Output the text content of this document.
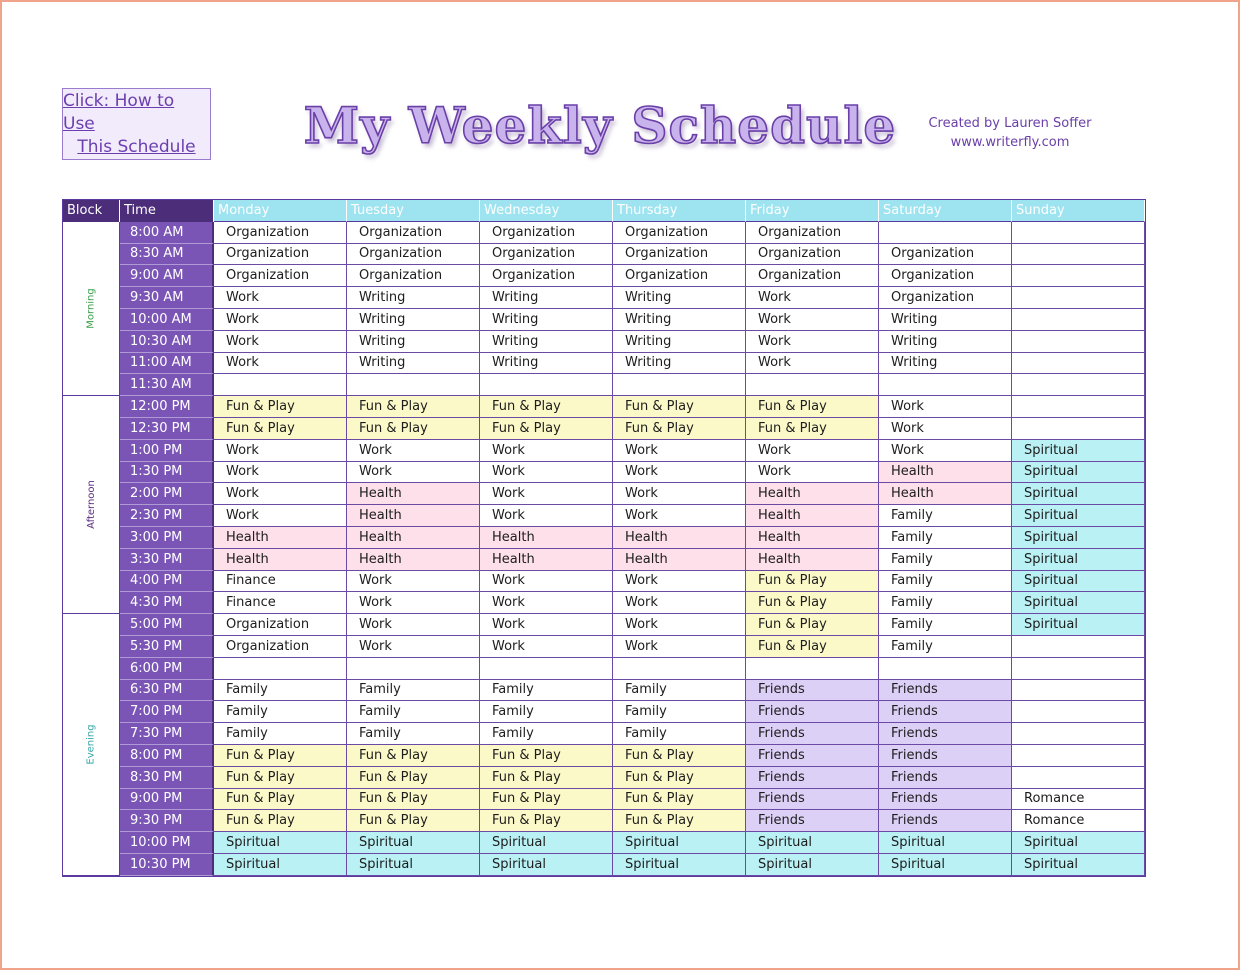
Click: How to Use
This Schedule My Weekly Schedule	Created by Lauren Soffer
www.writerfly.com
Block	Time	Monday	Tuesday	Wednesday	Thursday	Friday	Saturday	Sunday
Morning
Afternoon
Evening
8:00 AM	Organization	Organization	Organization	Organization	Organization
8:30 AM	Organization	Organization	Organization	Organization	Organization	Organization
9:00 AM	Organization	Organization	Organization	Organization	Organization	Organization
9:30 AM	Work	Writing	Writing	Writing	Work	Organization
10:00 AM	Work	Writing	Writing	Writing	Work	Writing
10:30 AM	Work	Writing	Writing	Writing	Work	Writing
11:00 AM	Work	Writing	Writing	Writing	Work	Writing
11:30 AM
12:00 PM	Fun & Play	Fun & Play	Fun & Play	Fun & Play	Fun & Play	Work
12:30 PM	Fun & Play	Fun & Play	Fun & Play	Fun & Play	Fun & Play	Work
1:00 PM	Work	Work	Work	Work	Work	Work	Spiritual
1:30 PM	Work	Work	Work	Work	Work	Health	Spiritual
2:00 PM	Work	Health	Work	Work	Health	Health	Spiritual
2:30 PM	Work	Health	Work	Work	Health	Family	Spiritual
3:00 PM	Health	Health	Health	Health	Health	Family	Spiritual
3:30 PM	Health	Health	Health	Health	Health	Family	Spiritual
4:00 PM	Finance	Work	Work	Work	Fun & Play	Family	Spiritual
4:30 PM	Finance	Work	Work	Work	Fun & Play	Family	Spiritual
5:00 PM	Organization	Work	Work	Work	Fun & Play	Family	Spiritual
5:30 PM	Organization	Work	Work	Work	Fun & Play	Family
6:00 PM
6:30 PM	Family	Family	Family	Family	Friends	Friends
7:00 PM	Family	Family	Family	Family	Friends	Friends
7:30 PM	Family	Family	Family	Family	Friends	Friends
8:00 PM	Fun & Play	Fun & Play	Fun & Play	Fun & Play	Friends	Friends
8:30 PM	Fun & Play	Fun & Play	Fun & Play	Fun & Play	Friends	Friends
9:00 PM	Fun & Play	Fun & Play	Fun & Play	Fun & Play	Friends	Friends	Romance
9:30 PM	Fun & Play	Fun & Play	Fun & Play	Fun & Play	Friends	Friends	Romance
10:00 PM	Spiritual	Spiritual	Spiritual	Spiritual	Spiritual	Spiritual	Spiritual
10:30 PM	Spiritual	Spiritual	Spiritual	Spiritual	Spiritual	Spiritual	Spiritual
